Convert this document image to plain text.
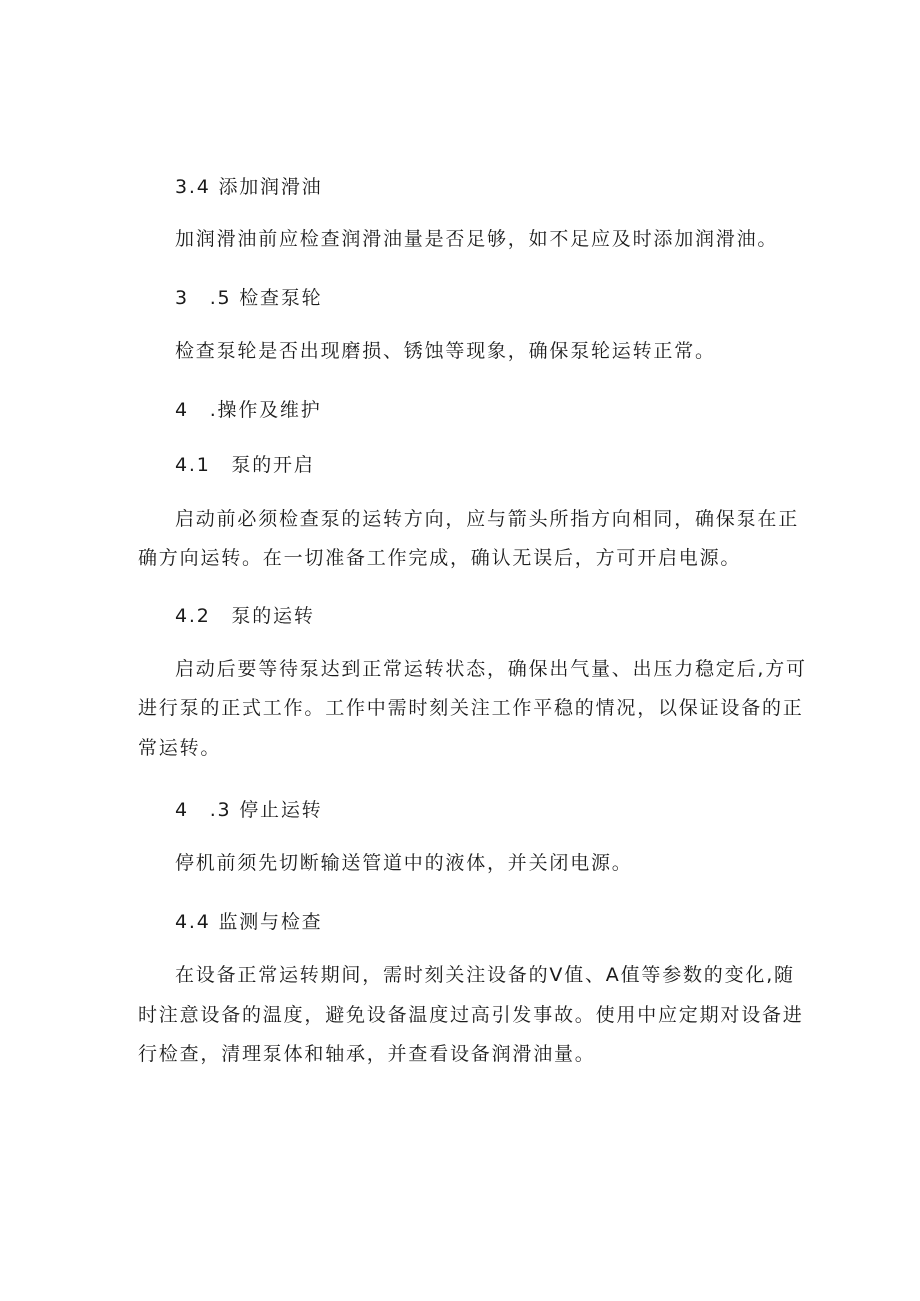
3.4 添加润滑油
加润滑油前应检查润滑油量是否足够，如不足应及时添加润滑油。
3　.5 检查泵轮
检查泵轮是否出现磨损、锈蚀等现象，确保泵轮运转正常。
4　.操作及维护
4.1　泵的开启
启动前必须检查泵的运转方向，应与箭头所指方向相同，确保泵在正
确方向运转。在一切准备工作完成，确认无误后，方可开启电源。
4.2　泵的运转
启动后要等待泵达到正常运转状态，确保出气量、出压力稳定后,方可
进行泵的正式工作。工作中需时刻关注工作平稳的情况，以保证设备的正
常运转。
4　.3 停止运转
停机前须先切断输送管道中的液体，并关闭电源。
4.4 监测与检查
在设备正常运转期间，需时刻关注设备的V值、A值等参数的变化,随
时注意设备的温度，避免设备温度过高引发事故。使用中应定期对设备进
行检查，清理泵体和轴承，并查看设备润滑油量。
